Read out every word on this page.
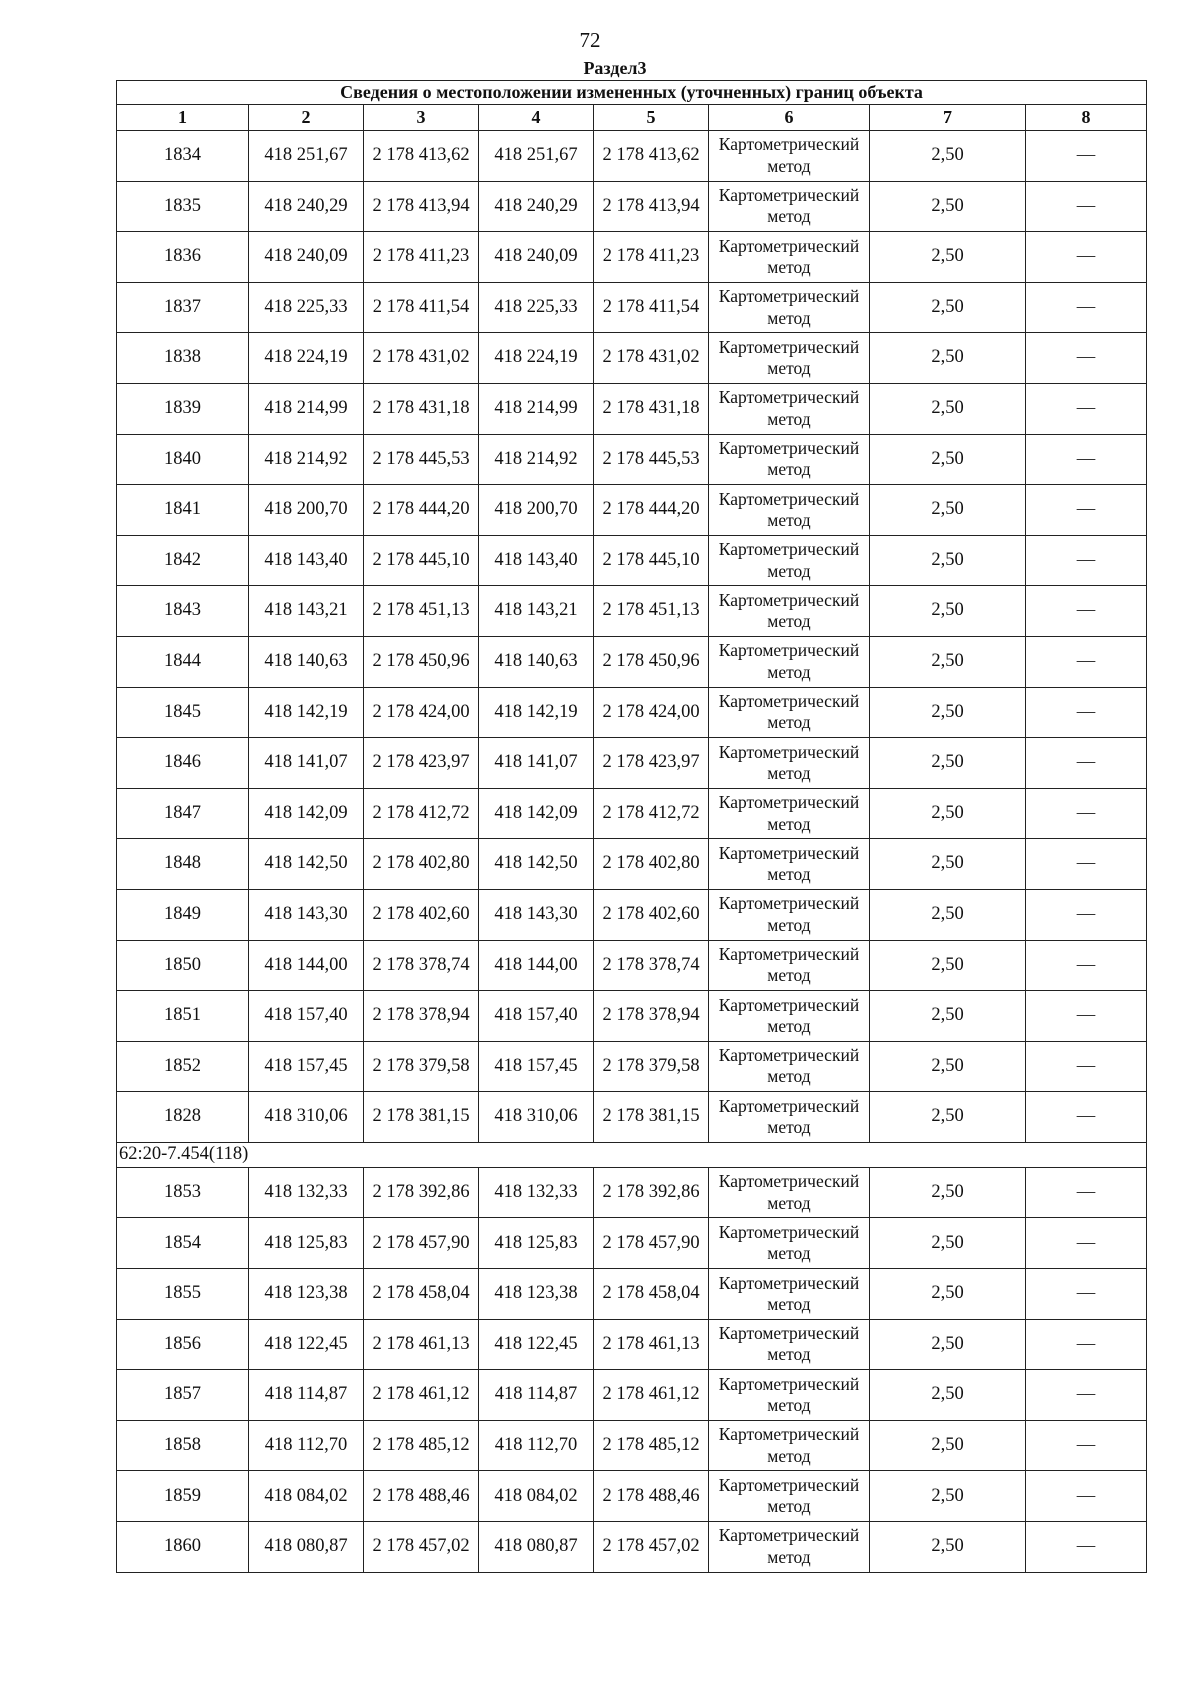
72
Раздел3
Сведения о местоположении измененных (уточненных) границ объекта							
1	2	3	4	5	6	7	8
1834	418 251,67	2 178 413,62	418 251,67	2 178 413,62	Картометрический метод	2,50	—
1835	418 240,29	2 178 413,94	418 240,29	2 178 413,94	Картометрический метод	2,50	—
1836	418 240,09	2 178 411,23	418 240,09	2 178 411,23	Картометрический метод	2,50	—
1837	418 225,33	2 178 411,54	418 225,33	2 178 411,54	Картометрический метод	2,50	—
1838	418 224,19	2 178 431,02	418 224,19	2 178 431,02	Картометрический метод	2,50	—
1839	418 214,99	2 178 431,18	418 214,99	2 178 431,18	Картометрический метод	2,50	—
1840	418 214,92	2 178 445,53	418 214,92	2 178 445,53	Картометрический метод	2,50	—
1841	418 200,70	2 178 444,20	418 200,70	2 178 444,20	Картометрический метод	2,50	—
1842	418 143,40	2 178 445,10	418 143,40	2 178 445,10	Картометрический метод	2,50	—
1843	418 143,21	2 178 451,13	418 143,21	2 178 451,13	Картометрический метод	2,50	—
1844	418 140,63	2 178 450,96	418 140,63	2 178 450,96	Картометрический метод	2,50	—
1845	418 142,19	2 178 424,00	418 142,19	2 178 424,00	Картометрический метод	2,50	—
1846	418 141,07	2 178 423,97	418 141,07	2 178 423,97	Картометрический метод	2,50	—
1847	418 142,09	2 178 412,72	418 142,09	2 178 412,72	Картометрический метод	2,50	—
1848	418 142,50	2 178 402,80	418 142,50	2 178 402,80	Картометрический метод	2,50	—
1849	418 143,30	2 178 402,60	418 143,30	2 178 402,60	Картометрический метод	2,50	—
1850	418 144,00	2 178 378,74	418 144,00	2 178 378,74	Картометрический метод	2,50	—
1851	418 157,40	2 178 378,94	418 157,40	2 178 378,94	Картометрический метод	2,50	—
1852	418 157,45	2 178 379,58	418 157,45	2 178 379,58	Картометрический метод	2,50	—
1828	418 310,06	2 178 381,15	418 310,06	2 178 381,15	Картометрический метод	2,50	—
62:20-7.454(118)							
1853	418 132,33	2 178 392,86	418 132,33	2 178 392,86	Картометрический метод	2,50	—
1854	418 125,83	2 178 457,90	418 125,83	2 178 457,90	Картометрический метод	2,50	—
1855	418 123,38	2 178 458,04	418 123,38	2 178 458,04	Картометрический метод	2,50	—
1856	418 122,45	2 178 461,13	418 122,45	2 178 461,13	Картометрический метод	2,50	—
1857	418 114,87	2 178 461,12	418 114,87	2 178 461,12	Картометрический метод	2,50	—
1858	418 112,70	2 178 485,12	418 112,70	2 178 485,12	Картометрический метод	2,50	—
1859	418 084,02	2 178 488,46	418 084,02	2 178 488,46	Картометрический метод	2,50	—
1860	418 080,87	2 178 457,02	418 080,87	2 178 457,02	Картометрический метод	2,50	—
